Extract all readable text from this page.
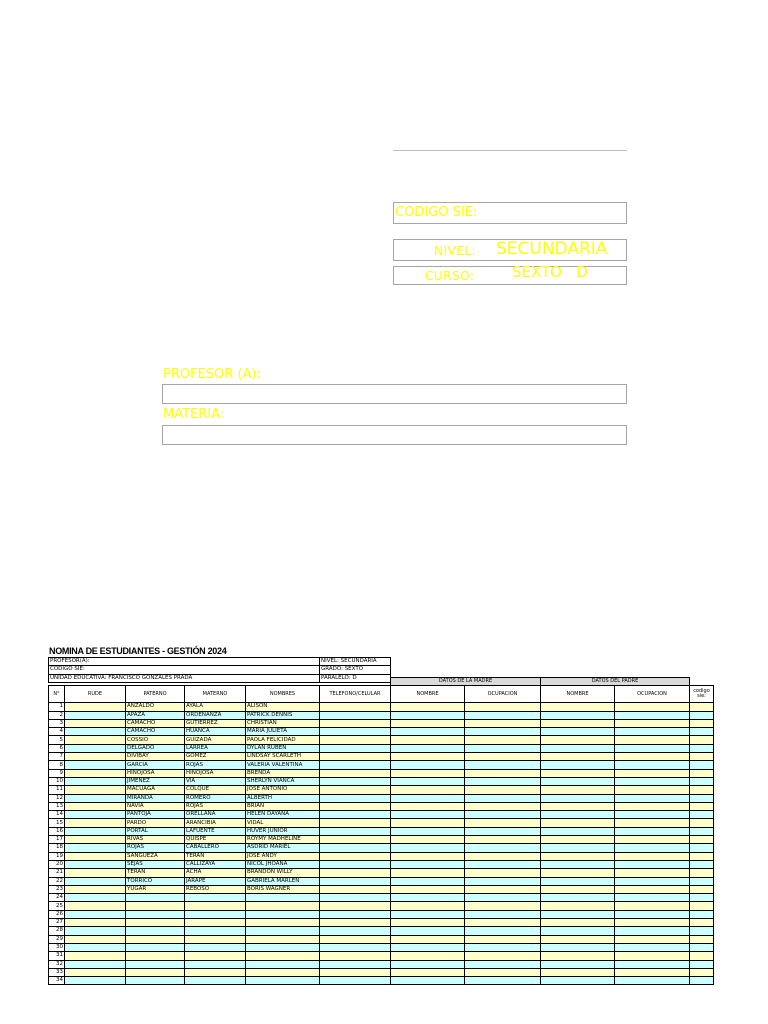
CODIGO SIE:
NIVEL: SECUNDARIA
CURSO:	SEXTO   D
PROFESOR (A):
MATERIA:
NOMINA DE ESTUDIANTES - GESTIÓN 2024
PROFESOR(A):	NIVEL: SECUNDARIA
CODIGO SIE:	GRADO: SEXTO
UNIDAD EDUCATIVA: FRANCISCO GONZALES PRADA	PARALELO: D
						DATOS DE LA MADRE		DATOS DEL PADRE		
N°	RUDE	PATERNO	MATERNO	NOMBRES	TELEFONO/CELULAR	NOMBRE	OCUPACION	NOMBRE	OCUPACION	codigo sie:
1		ANZALDO	AYALA	ALISON						
2		APAZA	ORDENANZA	PATRICK DENNIS						
3		CAMACHO	GUTIERREZ	CHRISTIAN						
4		CAMACHO	HUANCA	MARIA JULIETA						
5		COSSIO	GUIZADA	PAOLA FELICIDAD						
6		DELGADO	LARREA	DYLAN RUBEN						
7		DIVIBAY	GOMEZ	LINDSAY SCARLETH						
8		GARCIA	ROJAS	VALERIA VALENTINA						
9		HINOJOSA	HINOJOSA	BRENDA						
10		JIMENEZ	VIA	SHERLYN VIANCA						
11		MACUAGA	COLQUE	JOSE ANTONIO						
12		MIRANDA	ROMERO	ALBERTH						
13		NAVIA	ROJAS	BRIAN						
14		PANTOJA	ORELLANA	HELEN DAYANA						
15		PARDO	ARANCIBIA	VIDAL						
16		PORTAL	LAFUENTE	HUVER JUNIOR						
17		RIVAS	QUISPE	ROYMY MADHELINE						
18		ROJAS	CABALLERO	ASDRID MARIEL						
19		SANGUEZA	TERAN	JOSE ANDY						
20		SEJAS	CALLIZAYA	NICOL JHOANA						
21		TERAN	ACHA	BRANDON WILLY						
22		TORRICO	JARAPE	GABRIELA MARLEN						
23		YUGAR	REBOSO	BORIS WAGNER						
24										
25										
26										
27										
28										
29										
30										
31										
32										
33										
34										
